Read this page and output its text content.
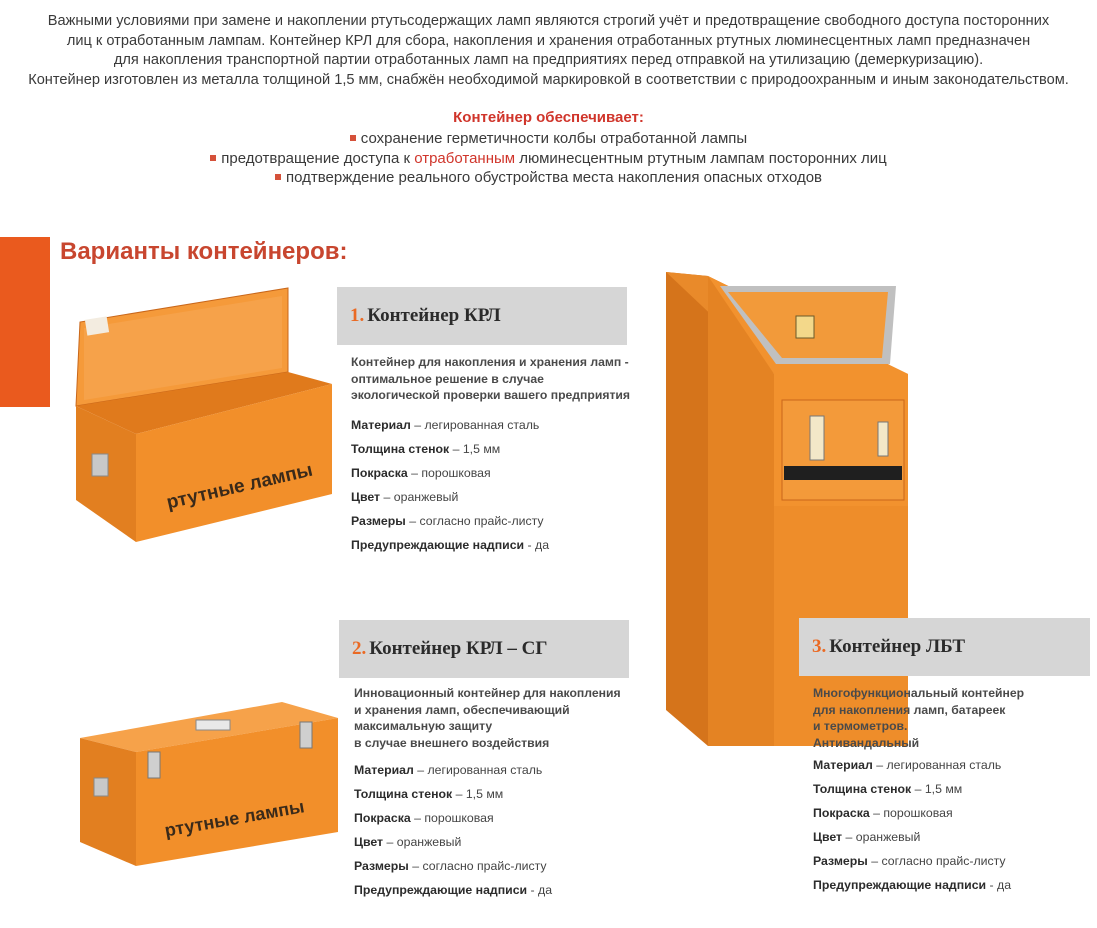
Важными условиями при замене и накоплении ртутьсодержащих ламп являются строгий учёт и предотвращение свободного доступа посторонних

лиц к отработанным лампам. Контейнер КРЛ для сбора, накопления и хранения отработанных ртутных люминесцентных ламп предназначен

для накопления транспортной партии отработанных ламп на предприятиях перед отправкой на утилизацию (демеркуризацию).

Контейнер изготовлен из металла толщиной 1,5 мм, снабжён необходимой маркировкой в соответствии с природоохранным и иным законодательством.

Контейнер обеспечивает:
сохранение герметичности колбы отработанной лампы
предотвращение доступа к отработанным люминесцентным ртутным лампам посторонних лиц
подтверждение реального обустройства места накопления опасных отходов
Варианты контейнеров:
ртутные лампы
ртутные лампы
1. Контейнер КРЛ
Контейнер для накопления и хранения ламп -
оптимальное решение в случае
экологической проверки вашего предприятия
Материал – легированная сталь
Толщина стенок – 1,5 мм
Покраска – порошковая
Цвет – оранжевый
Размеры – согласно прайс-листу
Предупреждающие надписи - да
2. Контейнер КРЛ – СГ
Инновационный контейнер для накопления
и хранения ламп, обеспечивающий
максимальную защиту
в случае внешнего воздействия
Материал – легированная сталь
Толщина стенок – 1,5 мм
Покраска – порошковая
Цвет – оранжевый
Размеры – согласно прайс-листу
Предупреждающие надписи - да
3. Контейнер ЛБТ
Многофункциональный контейнер
для накопления ламп, батареек
и термометров.
Антивандальный
Материал – легированная сталь
Толщина стенок – 1,5 мм
Покраска – порошковая
Цвет – оранжевый
Размеры – согласно прайс-листу
Предупреждающие надписи - да
